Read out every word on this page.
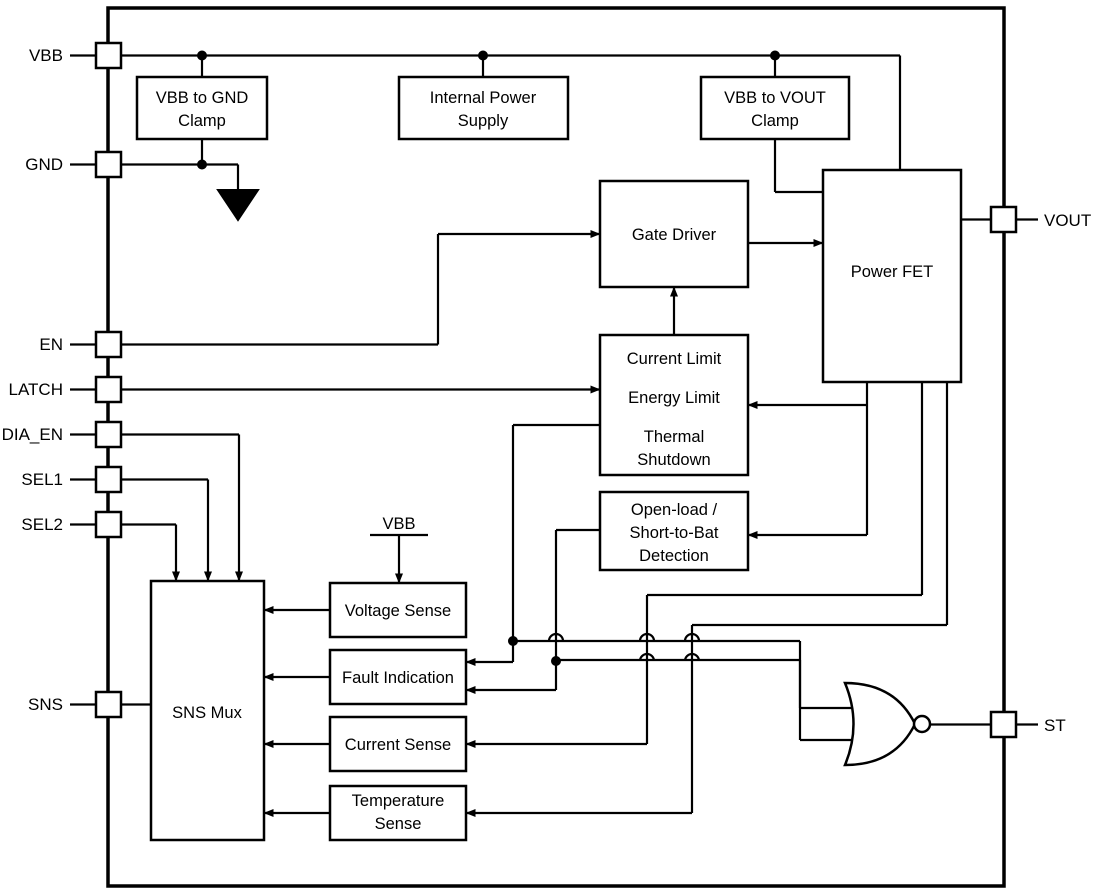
VBB
GND
EN
LATCH
DIA_EN
SEL1
SEL2
SNS
VOUT
ST
VBB to GND
Clamp
Internal Power
Supply
VBB to VOUT
Clamp
Gate Driver
Power FET
Current Limit
Energy Limit
Thermal
Shutdown
Open-load /
Short-to-Bat
Detection
SNS Mux
Voltage Sense
Fault Indication
Current Sense
Temperature
Sense
VBB
